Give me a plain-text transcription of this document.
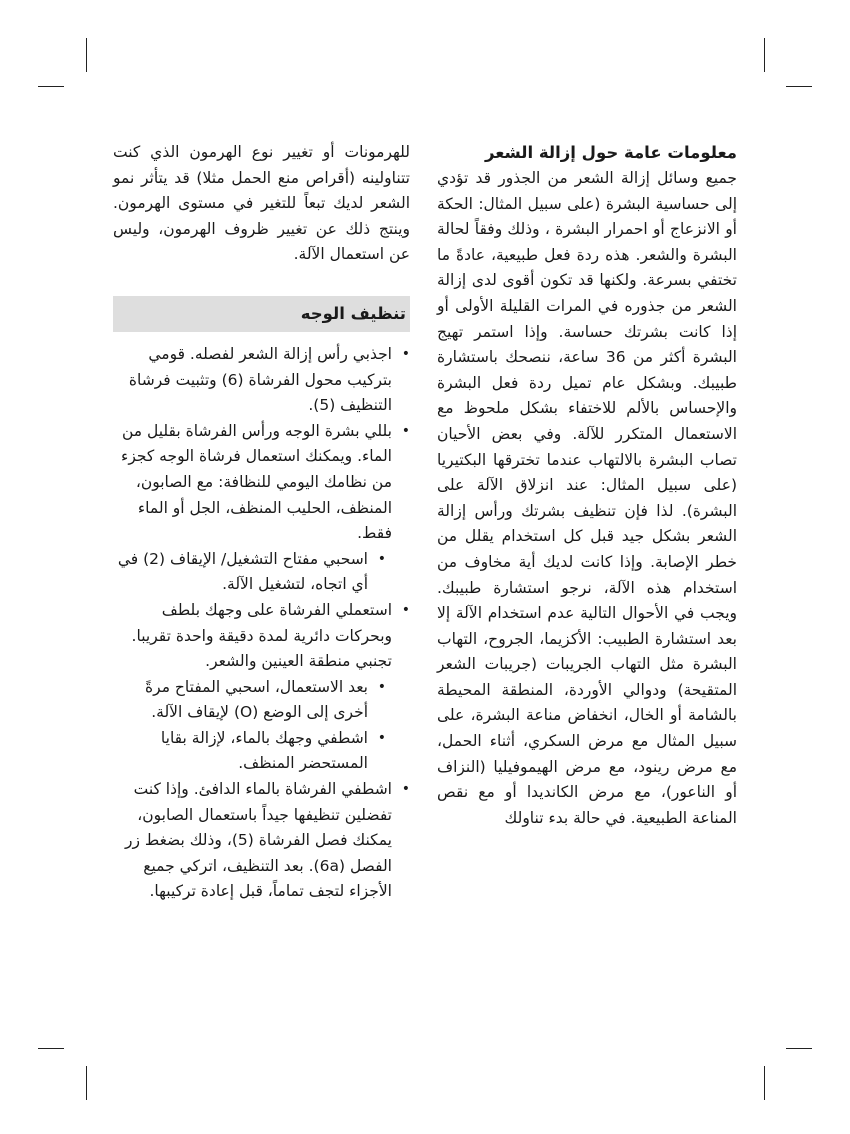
معلومات عامة حول إزالة الشعر

جميع وسائل إزالة الشعر من الجذور قد تؤدي إلى حساسية البشرة (على سبيل المثال: الحكة أو الانزعاج أو احمرار البشرة ، وذلك وفقاً لحالة البشرة والشعر. هذه ردة فعل طبيعية، عادةً ما تختفي بسرعة. ولكنها قد تكون أقوى لدى إزالة الشعر من جذوره في المرات القليلة الأولى أو إذا كانت بشرتك حساسة. وإذا استمر تهيج البشرة أكثر من 36 ساعة، ننصحك باستشارة طبيبك. وبشكل عام تميل ردة فعل البشرة والإحساس بالألم للاختفاء بشكل ملحوظ مع الاستعمال المتكرر للآلة. وفي بعض الأحيان تصاب البشرة بالالتهاب عندما تخترقها البكتيريا (على سبيل المثال: عند انزلاق الآلة على البشرة). لذا فإن تنظيف بشرتك ورأس إزالة الشعر بشكل جيد قبل كل استخدام يقلل من خطر الإصابة. وإذا كانت لديك أية مخاوف من استخدام هذه الآلة، نرجو استشارة طبيبك. ويجب في الأحوال التالية عدم استخدام الآلة إلا بعد استشارة الطبيب: الأكزيما، الجروح، التهاب البشرة مثل التهاب الجريبات (جريبات الشعر المتقيحة) ودوالي الأوردة، المنطقة المحيطة بالشامة أو الخال، انخفاض مناعة البشرة، على سبيل المثال مع مرض السكري، أثناء الحمل، مع مرض رينود، مع مرض الهيموفيليا (النزاف أو الناعور)، مع مرض الكانديدا أو مع نقص المناعة الطبيعية. في حالة بدء تناولك

للهرمونات أو تغيير نوع الهرمون الذي كنت تتناولينه (أقراص منع الحمل مثلا) قد يتأثر نمو الشعر لديك تبعاً للتغير في مستوى الهرمون. وينتج ذلك عن تغيير ظروف الهرمون، وليس عن استعمال الآلة.

تنظيف الوجه
• اجذبي رأس إزالة الشعر لفصله. قومي بتركيب محول الفرشاة (6) وتثبيت فرشاة التنظيف (5).
• بللي بشرة الوجه ورأس الفرشاة بقليل من الماء. ويمكنك استعمال فرشاة الوجه كجزء من نظامك اليومي للنظافة: مع الصابون، المنظف، الحليب المنظف، الجل أو الماء فقط.
• اسحبي مفتاح التشغيل/ الإيقاف (2) في أي اتجاه، لتشغيل الآلة.
• استعملي الفرشاة على وجهك بلطف وبحركات دائرية لمدة دقيقة واحدة تقريبا. تجنبي منطقة العينين والشعر.
• بعد الاستعمال، اسحبي المفتاح مرةً أخرى إلى الوضع (O) لإيقاف الآلة.
• اشطفي وجهك بالماء، لإزالة بقايا المستحضر المنظف.
• اشطفي الفرشاة بالماء الدافئ. وإذا كنت تفضلين تنظيفها جيداً باستعمال الصابون، يمكنك فصل الفرشاة (5)، وذلك بضغط زر الفصل (6a). بعد التنظيف، اتركي جميع الأجزاء لتجف تماماً، قبل إعادة تركيبها.
